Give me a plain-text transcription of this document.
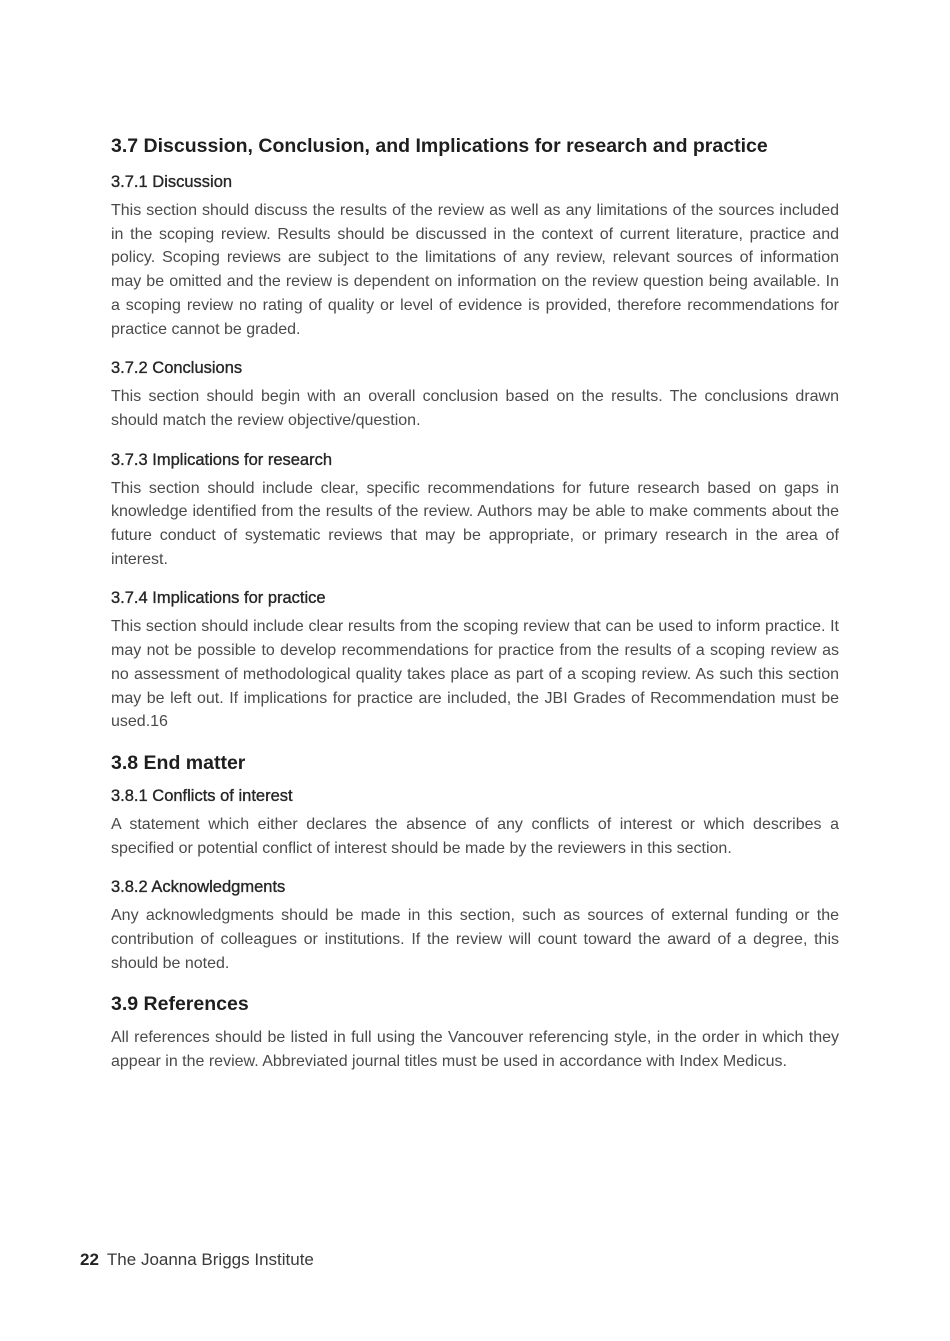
3.7 Discussion, Conclusion, and Implications for research and practice
3.7.1 Discussion
This section should discuss the results of the review as well as any limitations of the sources included in the scoping review. Results should be discussed in the context of current literature, practice and policy. Scoping reviews are subject to the limitations of any review, relevant sources of information may be omitted and the review is dependent on information on the review question being available. In a scoping review no rating of quality or level of evidence is provided, therefore recommendations for practice cannot be graded.
3.7.2 Conclusions
This section should begin with an overall conclusion based on the results. The conclusions drawn should match the review objective/question.
3.7.3 Implications for research
This section should include clear, specific recommendations for future research based on gaps in knowledge identified from the results of the review. Authors may be able to make comments about the future conduct of systematic reviews that may be appropriate, or primary research in the area of interest.
3.7.4 Implications for practice
This section should include clear results from the scoping review that can be used to inform practice. It may not be possible to develop recommendations for practice from the results of a scoping review as no assessment of methodological quality takes place as part of a scoping review. As such this section may be left out. If implications for practice are included, the JBI Grades of Recommendation must be used.16
3.8 End matter
3.8.1 Conflicts of interest
A statement which either declares the absence of any conflicts of interest or which describes a specified or potential conflict of interest should be made by the reviewers in this section.
3.8.2 Acknowledgments
Any acknowledgments should be made in this section, such as sources of external funding or the contribution of colleagues or institutions. If the review will count toward the award of a degree, this should be noted.
3.9 References
All references should be listed in full using the Vancouver referencing style, in the order in which they appear in the review. Abbreviated journal titles must be used in accordance with Index Medicus.
22 The Joanna Briggs Institute
